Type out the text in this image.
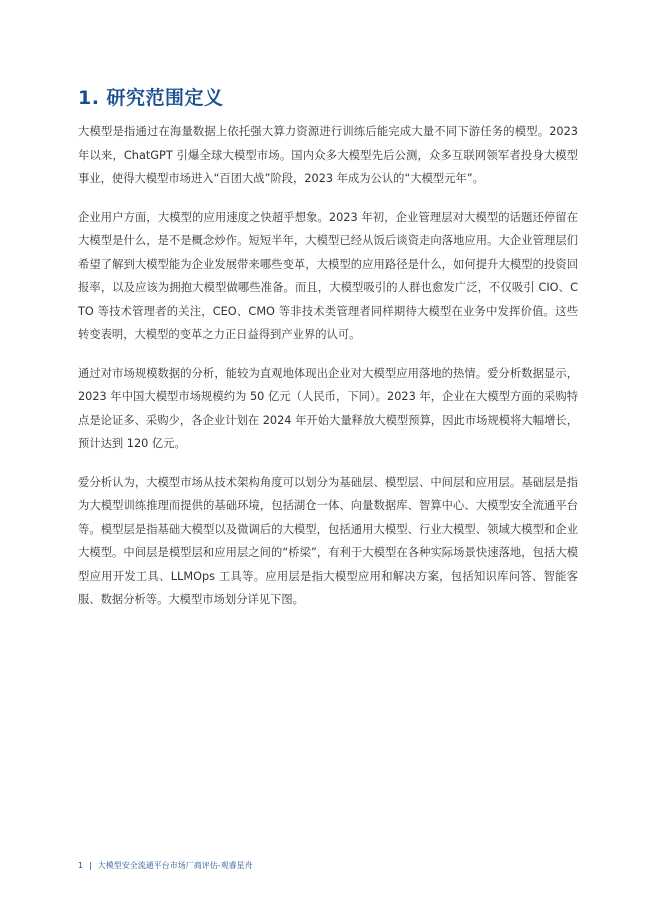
1. 研究范围定义

大模型是指通过在海量数据上依托强大算力资源进行训练后能完成大量不同下游任务的模型。2023年以来，ChatGPT 引爆全球大模型市场。国内众多大模型先后公测，众多互联网领军者投身大模型事业，使得大模型市场进入“百团大战”阶段，2023 年成为公认的“大模型元年”。

企业用户方面，大模型的应用速度之快超乎想象。2023 年初，企业管理层对大模型的话题还停留在大模型是什么，是不是概念炒作。短短半年，大模型已经从饭后谈资走向落地应用。大企业管理层们希望了解到大模型能为企业发展带来哪些变革，大模型的应用路径是什么，如何提升大模型的投资回报率，以及应该为拥抱大模型做哪些准备。而且，大模型吸引的人群也愈发广泛，不仅吸引 CIO、CTO 等技术管理者的关注，CEO、CMO 等非技术类管理者同样期待大模型在业务中发挥价值。这些转变表明，大模型的变革之力正日益得到产业界的认可。

通过对市场规模数据的分析，能较为直观地体现出企业对大模型应用落地的热情。爱分析数据显示，2023 年中国大模型市场规模约为 50 亿元（人民币，下同）。2023 年，企业在大模型方面的采购特点是论证多、采购少，各企业计划在 2024 年开始大量释放大模型预算，因此市场规模将大幅增长，预计达到 120 亿元。

爱分析认为，大模型市场从技术架构角度可以划分为基础层、模型层、中间层和应用层。基础层是指为大模型训练推理而提供的基础环境，包括湖仓一体、向量数据库、智算中心、大模型安全流通平台等。模型层是指基础大模型以及微调后的大模型，包括通用大模型、行业大模型、领域大模型和企业大模型。中间层是模型层和应用层之间的“桥梁”，有利于大模型在各种实际场景快速落地，包括大模型应用开发工具、LLMOps 工具等。应用层是指大模型应用和解决方案，包括知识库问答、智能客服、数据分析等。大模型市场划分详见下图。

1 | 大模型安全流通平台市场厂商评估-观睿星舟
